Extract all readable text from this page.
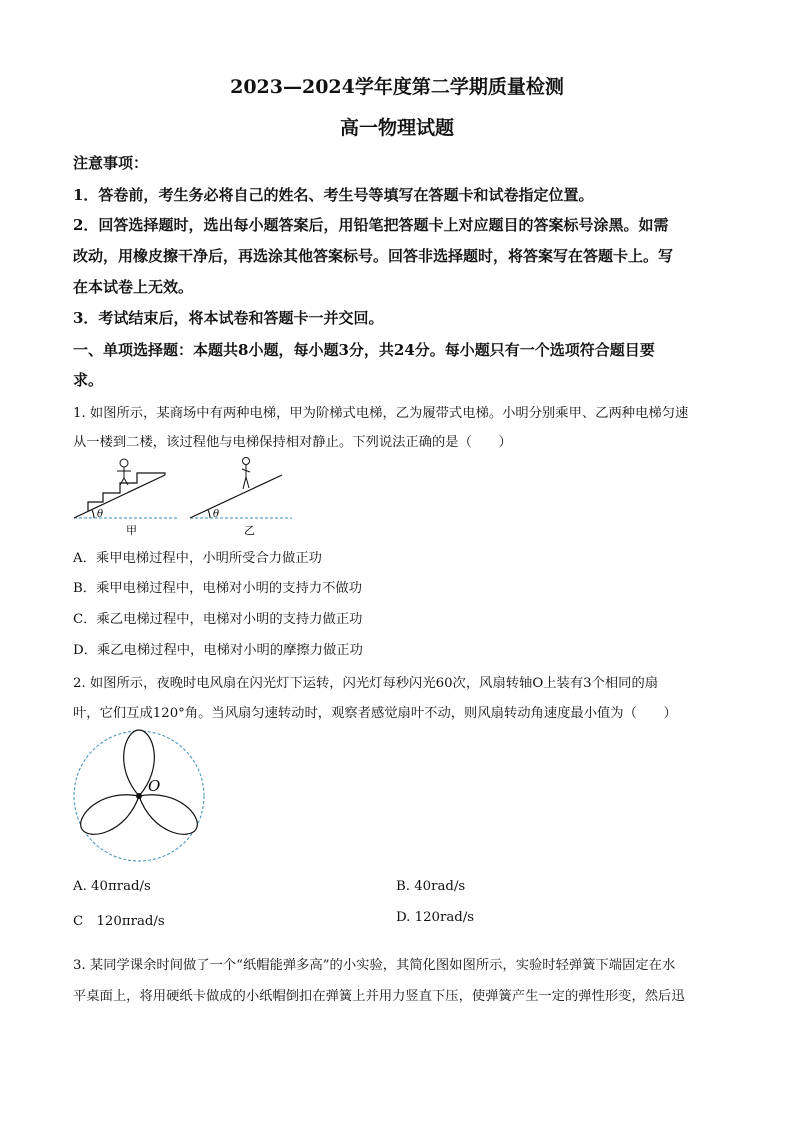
2023—2024学年度第二学期质量检测
高一物理试题
注意事项：
1．答卷前，考生务必将自己的姓名、考生号等填写在答题卡和试卷指定位置。
2．回答选择题时，选出每小题答案后，用铅笔把答题卡上对应题目的答案标号涂黑。如需
改动，用橡皮擦干净后，再选涂其他答案标号。回答非选择题时，将答案写在答题卡上。写
在本试卷上无效。
3．考试结束后，将本试卷和答题卡一并交回。
一、单项选择题：本题共8小题，每小题3分，共24分。每小题只有一个选项符合题目要
求。
1. 如图所示，某商场中有两种电梯，甲为阶梯式电梯，乙为履带式电梯。小明分别乘甲、乙两种电梯匀速
从一楼到二楼，该过程他与电梯保持相对静止。下列说法正确的是（　　）
θ
甲
θ
乙
A．乘甲电梯过程中，小明所受合力做正功
B．乘甲电梯过程中，电梯对小明的支持力不做功
C．乘乙电梯过程中，电梯对小明的支持力做正功
D．乘乙电梯过程中，电梯对小明的摩擦力做正功
2. 如图所示，夜晚时电风扇在闪光灯下运转，闪光灯每秒闪光60次，风扇转轴O上装有3个相同的扇
叶，它们互成120°角。当风扇匀速转动时，观察者感觉扇叶不动，则风扇转动角速度最小值为（　　）
O
A. 40πrad/s	B. 40rad/s
C　120πrad/s	D. 120rad/s
3. 某同学课余时间做了一个“纸帽能弹多高”的小实验，其简化图如图所示，实验时轻弹簧下端固定在水
平桌面上，将用硬纸卡做成的小纸帽倒扣在弹簧上并用力竖直下压，使弹簧产生一定的弹性形变，然后迅
